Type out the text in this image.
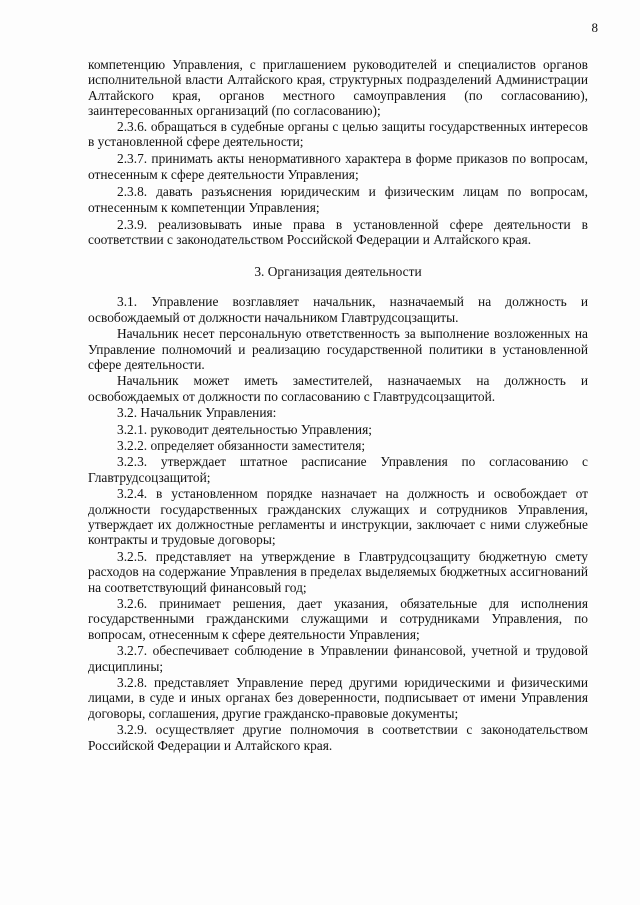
8

компетенцию Управления, с приглашением руководителей и специалистов органов исполнительной власти Алтайского края, структурных подразделений Администрации Алтайского края, органов местного самоуправления (по согласованию), заинтересованных организаций (по согласованию);

2.3.6. обращаться в судебные органы с целью защиты государственных интересов в установленной сфере деятельности;

2.3.7. принимать акты ненормативного характера в форме приказов по вопросам, отнесенным к сфере деятельности Управления;

2.3.8. давать разъяснения юридическим и физическим лицам по вопросам, отнесенным к компетенции Управления;

2.3.9. реализовывать иные права в установленной сфере деятельности в соответствии с законодательством Российской Федерации и Алтайского края.

3. Организация деятельности

3.1. Управление возглавляет начальник, назначаемый на должность и освобождаемый от должности начальником Главтрудсоцзащиты.

Начальник несет персональную ответственность за выполнение возложенных на Управление полномочий и реализацию государственной политики в установленной сфере деятельности.

Начальник может иметь заместителей, назначаемых на должность и освобождаемых от должности по согласованию с Главтрудсоцзащитой.

3.2. Начальник Управления:

3.2.1. руководит деятельностью Управления;

3.2.2. определяет обязанности заместителя;

3.2.3. утверждает штатное расписание Управления по согласованию с Главтрудсоцзащитой;

3.2.4. в установленном порядке назначает на должность и освобождает от должности государственных гражданских служащих и сотрудников Управления, утверждает их должностные регламенты и инструкции, заключает с ними служебные контракты и трудовые договоры;

3.2.5. представляет на утверждение в Главтрудсоцзащиту бюджетную смету расходов на содержание Управления в пределах выделяемых бюджетных ассигнований на соответствующий финансовый год;

3.2.6. принимает решения, дает указания, обязательные для исполнения государственными гражданскими служащими и сотрудниками Управления, по вопросам, отнесенным к сфере деятельности Управления;

3.2.7. обеспечивает соблюдение в Управлении финансовой, учетной и трудовой дисциплины;

3.2.8. представляет Управление перед другими юридическими и физическими лицами, в суде и иных органах без доверенности, подписывает от имени Управления договоры, соглашения, другие гражданско-правовые документы;

3.2.9. осуществляет другие полномочия в соответствии с законодательством Российской Федерации и Алтайского края.
